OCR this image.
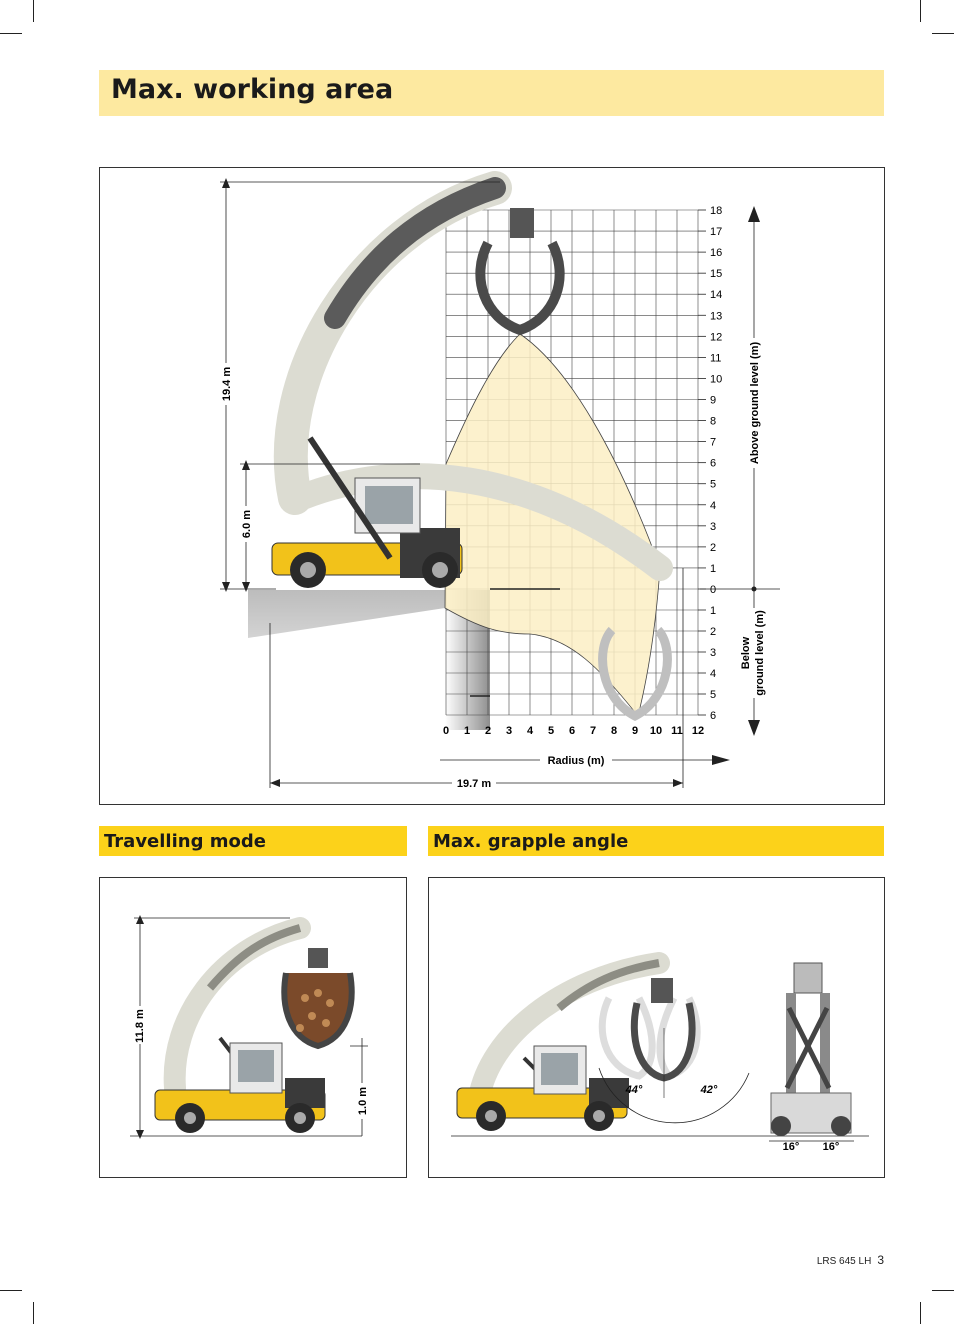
Max. working area
19.4 m
6.0 m
19.7 m
Radius (m)
Above ground level (m)
Below ground level (m)
18
17
16
15
14
13
12
11
10
9
8
7
6
5
4
3
2
1
0
1
2
3
4
5
6
0 1 2 3 4 5 6 7 8 9 10 11 12
Travelling mode	Max. grapple angle
11.8 m
1.0 m	44°	42°
16° 16°
LRS 645 LH 3
